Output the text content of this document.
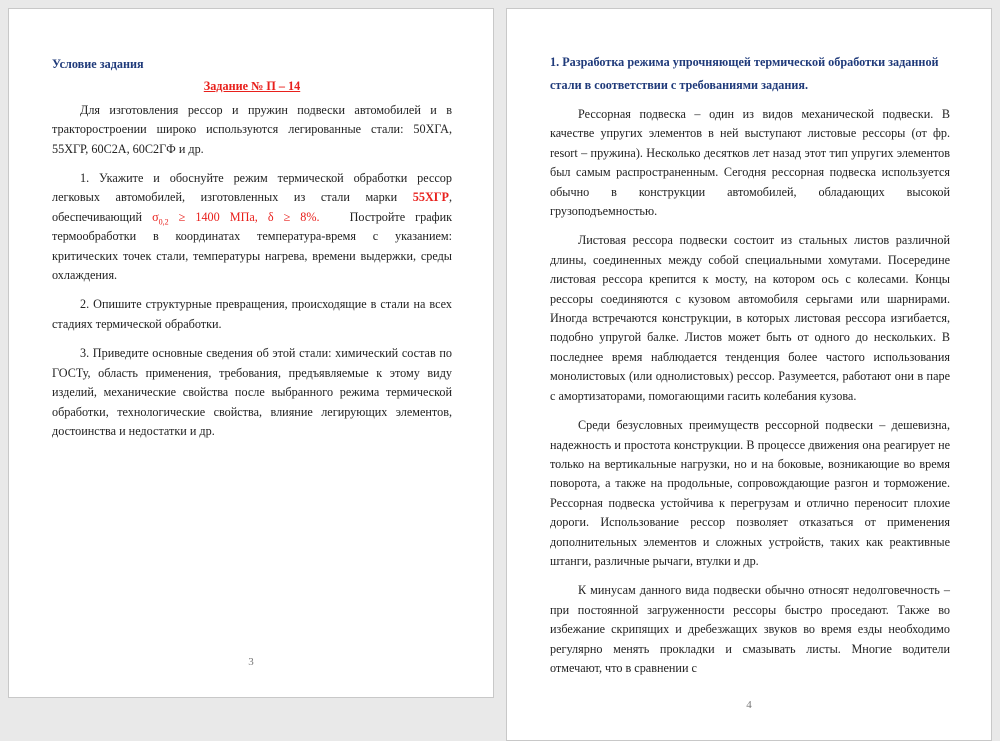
Условие задания

Задание № П – 14

Для изготовления рессор и пружин подвески автомобилей и в тракторостроении широко используются легированные стали: 50ХГА, 55ХГР, 60С2А, 60С2ГФ и др.

1. Укажите и обоснуйте режим термической обработки рессор легковых автомобилей, изготовленных из стали марки 55ХГР, обеспечивающий $\sigma_{0,2} \ge 1400$ МПа, δ ≥ 8%.   Постройте график термообработки в координатах температура-время с указанием: критических точек стали, температуры нагрева, времени выдержки, среды охлаждения.

2. Опишите структурные превращения, происходящие в стали на всех стадиях термической обработки.

3. Приведите основные сведения об этой стали: химический состав по ГОСТу, область применения, требования, предъявляемые к этому виду изделий, механические свойства после выбранного режима термической обработки, технологические свойства, влияние легирующих элементов, достоинства и недостатки и др.

3

1. Разработка режима упрочняющей термической обработки заданной стали в соответствии с требованиями задания.

Рессорная подвеска – один из видов механической подвески. В качестве упругих элементов в ней выступают листовые рессоры (от фр. resort – пружина). Несколько десятков лет назад этот тип упругих элементов был самым распространенным. Сегодня рессорная подвеска используется обычно в конструкции автомобилей, обладающих высокой грузоподъемностью.

Листовая рессора подвески состоит из стальных листов различной длины, соединенных между собой специальными хомутами. Посередине листовая рессора крепится к мосту, на котором ось с колесами. Концы рессоры соединяются с кузовом автомобиля серьгами или шарнирами. Иногда встречаются конструкции, в которых листовая рессора изгибается, подобно упругой балке. Листов может быть от одного до нескольких. В последнее время наблюдается тенденция более частого использования монолистовых (или однолистовых) рессор. Разумеется, работают они в паре с амортизаторами, помогающими гасить колебания кузова.

Среди безусловных преимуществ рессорной подвески – дешевизна, надежность и простота конструкции. В процессе движения она реагирует не только на вертикальные нагрузки, но и на боковые, возникающие во время поворота, а также на продольные, сопровождающие разгон и торможение. Рессорная подвеска устойчива к перегрузам и отлично переносит плохие дороги. Использование рессор позволяет отказаться от применения дополнительных элементов и сложных устройств, таких как реактивные штанги, различные рычаги, втулки и др.

К минусам данного вида подвески обычно относят недолговечность – при постоянной загруженности рессоры быстро проседают. Также во избежание скрипящих и дребезжащих звуков во время езды необходимо регулярно менять прокладки и смазывать листы. Многие водители отмечают, что в сравнении с

4
